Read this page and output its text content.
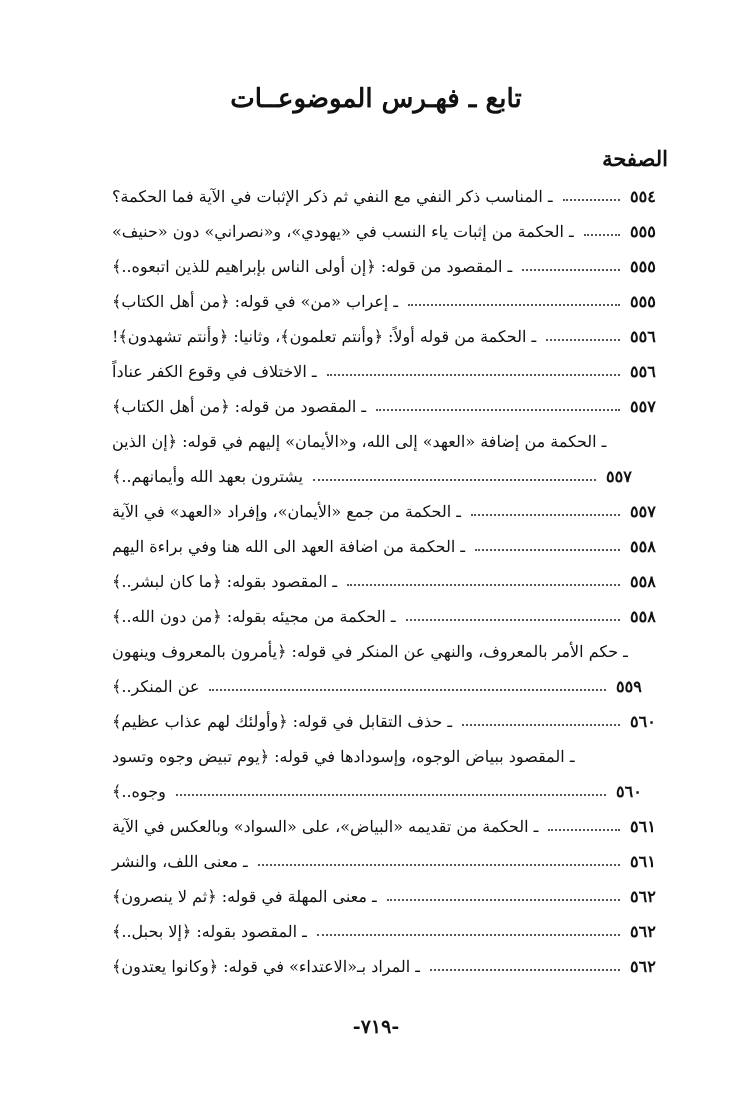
تابع ـ فهـرس الموضوعــات
الصفحة
ـ المناسب ذكر النفي مع النفي ثم ذكر الإثبات في الآية فما الحكمة؟	٥٥٤
ـ الحكمة من إثبات ياء النسب في «يهودي»، و«نصراني» دون «حنيف»	٥٥٥
ـ المقصود من قوله: ﴿إن أولى الناس بإبراهيم للذين اتبعوه..﴾	٥٥٥
ـ إعراب «من» في قوله: ﴿من أهل الكتاب﴾	٥٥٥
ـ الحكمة من قوله أولاً: ﴿وأنتم تعلمون﴾، وثانيا: ﴿وأنتم تشهدون﴾!	٥٥٦
ـ الاختلاف في وقوع الكفر عناداً	٥٥٦
ـ المقصود من قوله: ﴿من أهل الكتاب﴾	٥٥٧
ـ الحكمة من إضافة «العهد» إلى الله، و«الأيمان» إليهم في قوله: ﴿إن الذين
يشترون بعهد الله وأيمانهم..﴾	٥٥٧
ـ الحكمة من جمع «الأيمان»، وإفراد «العهد» في الآية	٥٥٧
ـ الحكمة من اضافة العهد الى الله هنا وفي براءة اليهم	٥٥٨
ـ المقصود بقوله: ﴿ما كان لبشر..﴾	٥٥٨
ـ الحكمة من مجيئه بقوله: ﴿من دون الله..﴾	٥٥٨
ـ حكم الأمر بالمعروف، والنهي عن المنكر في قوله: ﴿يأمرون بالمعروف وينهون
عن المنكر..﴾	٥٥٩
ـ حذف التقابل في قوله: ﴿وأولئك لهم عذاب عظيم﴾	٥٦٠
ـ المقصود ببياض الوجوه، وإسودادها في قوله: ﴿يوم تبيض وجوه وتسود
وجوه..﴾	٥٦٠
ـ الحكمة من تقديمه «البياض»، على «السواد» وبالعكس في الآية	٥٦١
ـ معنى اللف، والنشر	٥٦١
ـ معنى المهلة في قوله: ﴿ثم لا ينصرون﴾	٥٦٢
ـ المقصود بقوله: ﴿إلا بحبل..﴾	٥٦٢
ـ المراد بـ«الاعتداء» في قوله: ﴿وكانوا يعتدون﴾	٥٦٢
-٧١٩-
